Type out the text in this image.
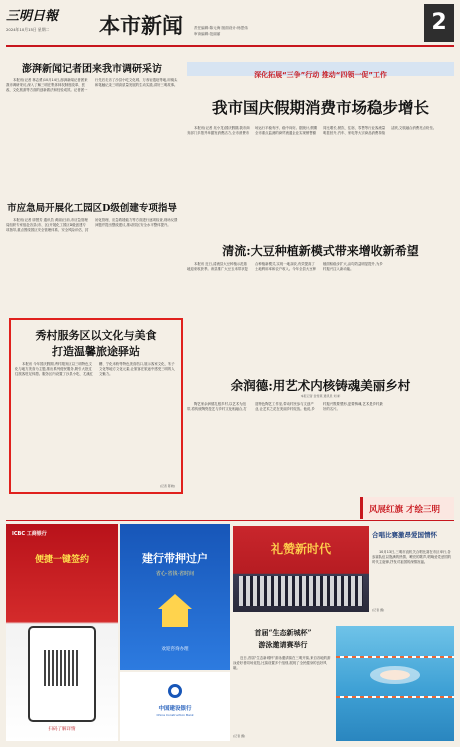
三明日報
2024年10月15日 星期二 本市新闻	责任编辑:陈元海 版面设计:杨思伟
审读编辑:范丽丽	2
澎湃新闻记者团来我市调研采访

本报讯(记者 林志勇)10月14日,澎湃新闻记者团来我市调研采访,深入了解三明在集体林权制度改革、医改、文化旅游等方面的创新做法和经验成效。记者团一行先后走访了沙县小吃文化城、万寿岩遗址等地,用镜头和笔触记录三明高质量发展的生动实践,讲好三明故事。

市应急局开展化工园区D级创建专项指导

本报讯(记者 廖慧芳 通讯员 黄丽)日前,市应急管理局组织专家组赴各县(市、区)开展化工园区D级创建专项指导,重点围绕园区安全管理体系、安全风险评估、封闭化管理、应急救援能力等方面进行逐项检查,现场反馈问题并提出整改建议,推动园区安全水平整体提升。

秀村服务区以文化与美食
打造温馨旅途驿站

本报讯 今年国庆假期,秀村服务区以三明特色文化与地方美食为主题,推出系列便民服务,吸引大批过往旅客驻足休憩。服务区内设置了沙县小吃、尤溪红糟、宁化米粉等特色美食档口,展示客家文化、朱子文化等地方文化元素,让旅客在旅途中感受三明的人文魅力。

(记者 陈晓)
深化拓展“三争”行动 推动“四领一促”工作
我市国庆假期消费市场稳步增长

本报讯(记者 吴小龙)国庆假期,我市商务部门多措并举激发消费活力,全市消费市场运行平稳有序、稳中向好。据统计,假期全市重点监测的商贸流通企业实现销售额同比增长,餐饮、住宿、零售等行业客流量明显回升,汽车、家电等大宗商品消费持续活跃,文旅融合消费亮点纷呈。

清流:大豆种植新模式带来增收新希望

本报讯 近日,清流县大豆种植示范基地迎来收获季。该县推广大豆玉米带状复合种植新模式,实现一地双收,有效提高了土地利用率和农户收入。今年全县大豆种植面积稳步扩大,亩均效益明显提升,为乡村振兴注入新动能。

余润德:用艺术内核铸魂美丽乡村
本报记者 金雪燕 通讯员 刘 彬

陶艺家余润德扎根乡村,以艺术为纽带,将传统陶瓷技艺与乡村文化相融合,打造特色陶艺工作室,带动村民参与文创产业,让艺术之花在美丽乡村绽放。他说,乡村振兴既要塑形,更要铸魂,艺术是乡村最好的名片。

风展红旗 才绘三明
ICBC 工商银行
便捷一键签约
扫码了解详情
建行带押过户
省心·省钱·省时间
欢迎咨询办理
中国建设银行
China Construction Bank
礼赞新时代
合唱比赛激昂爱国情怀

10月13日,三明市直机关合唱比赛在市区举行,各参赛队伍以饱满的热情、嘹亮的歌声,唱响爱党爱国的时代主旋律,抒发对祖国的深情祝福。

(记者 摄)
首届“生态新城杯”
游泳邀请赛举行

近日,首届“生态新城杯”游泳邀请赛在三明开赛,来自各地的游泳爱好者同场竞技,比赛设置多个组别,展现了全民健身的良好风貌。

(记者 摄)
